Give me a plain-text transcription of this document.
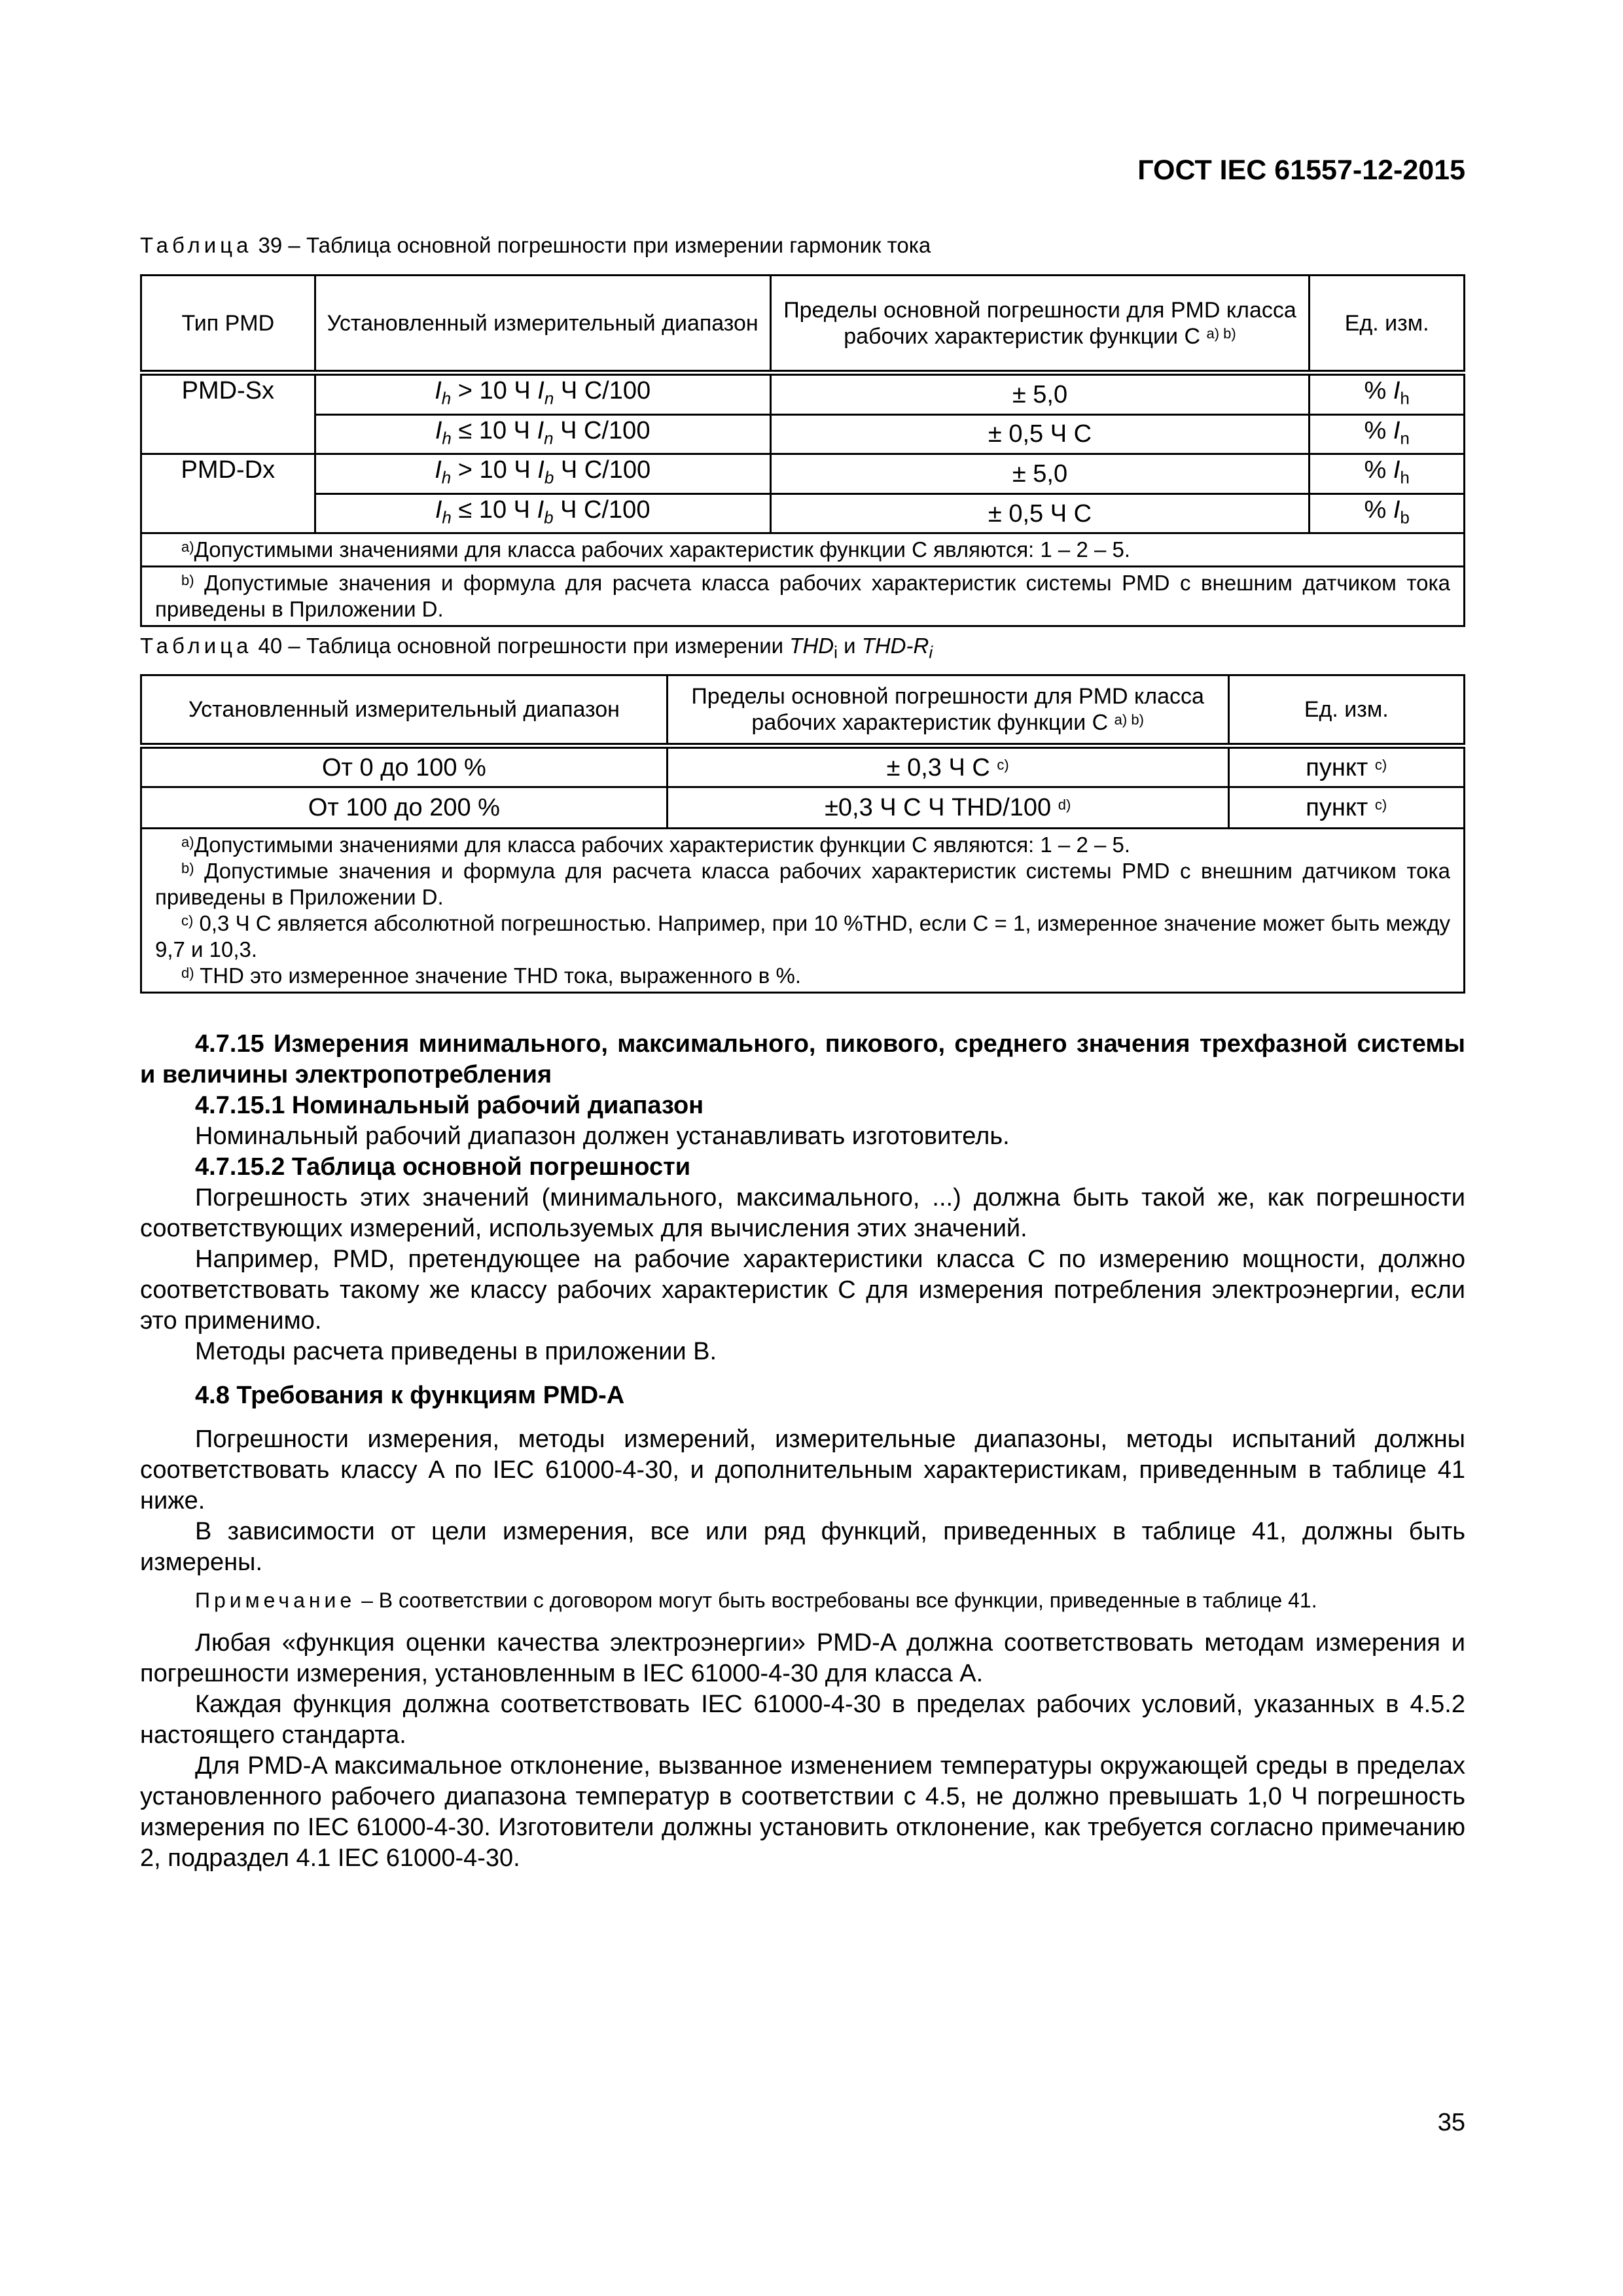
ГОСТ IEC 61557-12-2015
Таблица 39 – Таблица основной погрешности при измерении гармоник тока
Тип PMD	Установленный измерительный диапазон	Пределы основной погрешности для PMD класса рабочих характеристик функции C $^{a) b)}$	Ед. изм.
PMD-Sx	$I_h > 10$ Ч $I_n$ Ч C/100	± 5,0	% $I_h$
	$I_h \le 10$ Ч $I_n$ Ч C/100	± 0,5 Ч C	% $I_n$
PMD-Dx	$I_h > 10$ Ч $I_b$ Ч C/100	± 5,0	% $I_h$
	$I_h \le 10$ Ч $I_b$ Ч C/100	± 0,5 Ч C	% $I_b$

$^{a)}$Допустимыми значениями для класса рабочих характеристик функции C являются: 1 – 2 – 5.			

$^{b)}$ Допустимые значения и формула для расчета класса рабочих характеристик системы PMD с внешним датчиком тока приведены в Приложении D.			

Таблица 40 – Таблица основной погрешности при измерении $THD_i$ и THD-$R_i$
Установленный измерительный диапазон	Пределы основной погрешности для PMD класса рабочих характеристик функции C $^{a) b)}$	Ед. изм.
От 0 до 100 %	± 0,3 Ч C $^{c)}$	пункт $^{c)}$
От 100 до 200 %	±0,3 Ч C Ч THD/100 $^{d)}$	пункт $^{c)}$

$^{a)}$Допустимыми значениями для класса рабочих характеристик функции C являются: 1 – 2 – 5.

$^{b)}$ Допустимые значения и формула для расчета класса рабочих характеристик системы PMD с внешним датчиком тока приведены в Приложении D.

$^{c)}$ 0,3 Ч C является абсолютной погрешностью. Например, при 10 %THD, если C = 1, измеренное значение может быть между 9,7 и 10,3.

$^{d)}$ THD это измеренное значение THD тока, выраженного в %.		

4.7.15 Измерения минимального, максимального, пикового, среднего значения трехфазной системы и величины электропотребления

4.7.15.1 Номинальный рабочий диапазон

Номинальный рабочий диапазон должен устанавливать изготовитель.

4.7.15.2 Таблица основной погрешности

Погрешность этих значений (минимального, максимального, ...) должна быть такой же, как погрешности соответствующих измерений, используемых для вычисления этих значений.

Например, PMD, претендующее на рабочие характеристики класса C по измерению мощности, должно соответствовать такому же классу рабочих характеристик C для измерения потребления электроэнергии, если это применимо.

Методы расчета приведены в приложении B.

4.8 Требования к функциям PMD-A

Погрешности измерения, методы измерений, измерительные диапазоны, методы испытаний должны соответствовать классу A по IEC 61000-4-30, и дополнительным характеристикам, приведенным в таблице 41 ниже.

В зависимости от цели измерения, все или ряд функций, приведенных в таблице 41, должны быть измерены.

Примечание – В соответствии с договором могут быть востребованы все функции, приведенные в таблице 41.

Любая «функция оценки качества электроэнергии» PMD-A должна соответствовать методам измерения и погрешности измерения, установленным в IEC 61000-4-30 для класса A.

Каждая функция должна соответствовать IEC 61000-4-30 в пределах рабочих условий, указанных в 4.5.2 настоящего стандарта.

Для PMD-A максимальное отклонение, вызванное изменением температуры окружающей среды в пределах установленного рабочего диапазона температур в соответствии с 4.5, не должно превышать 1,0 Ч погрешность измерения по IEC 61000-4-30. Изготовители должны установить отклонение, как требуется согласно примечанию 2, подраздел 4.1 IEC 61000-4-30.

35
